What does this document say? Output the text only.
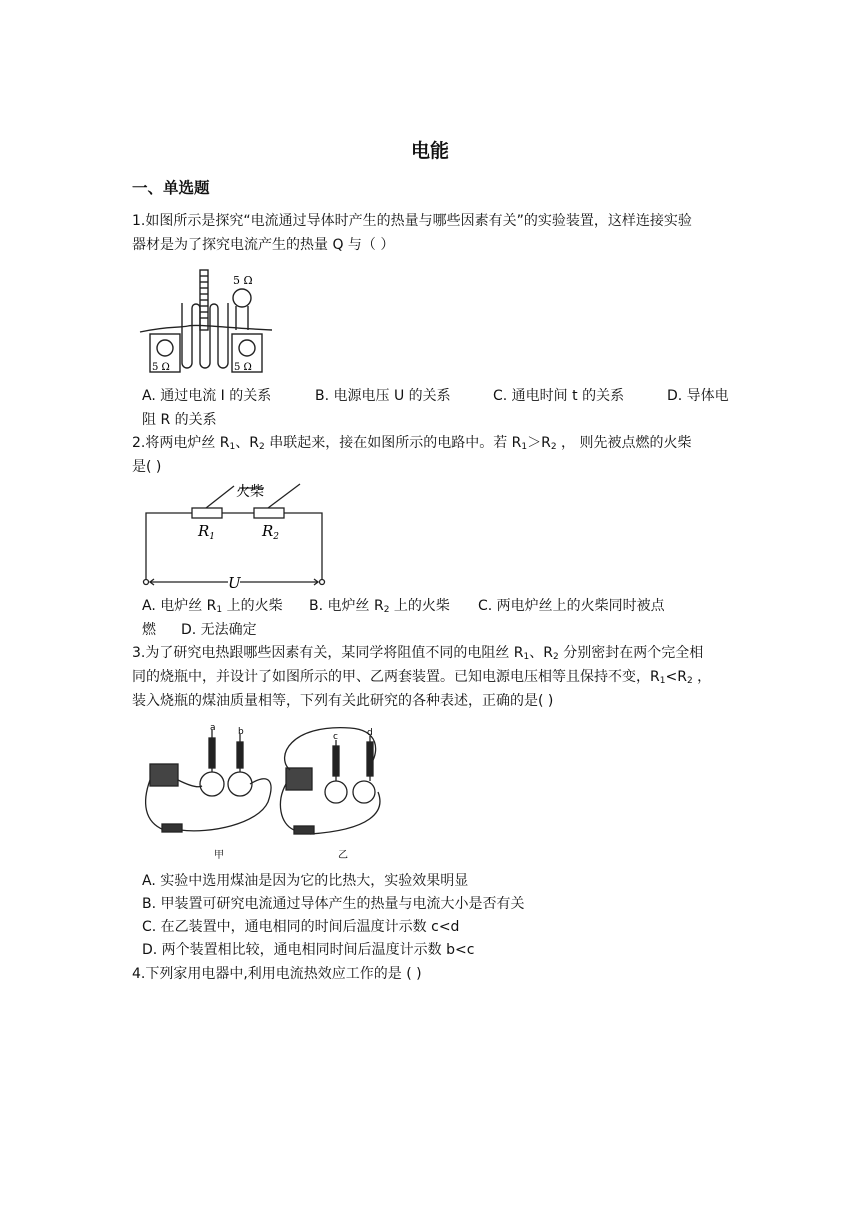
电能
一、单选题
1.如图所示是探究“电流通过导体时产生的热量与哪些因素有关”的实验装置，这样连接实验
器材是为了探究电流产生的热量 Q 与（ ）
5 Ω
5 Ω	5 Ω
A. 通过电流 I 的关系	B. 电源电压 U 的关系	C. 通电时间 t 的关系	D. 导体电
阻 R 的关系
2.将两电炉丝 $R_1$、$R_2$ 串联起来，接在如图所示的电路中。若 $R_1>R_2$ ， 则先被点燃的火柴
是( )
火柴
$R_1$	$R_2$
U
A. 电炉丝 $R_1$ 上的火柴 B. 电炉丝 $R_2$ 上的火柴 C. 两电炉丝上的火柴同时被点
燃 D. 无法确定
3.为了研究电热跟哪些因素有关，某同学将阻值不同的电阻丝 $R_1$、$R_2$ 分别密封在两个完全相
同的烧瓶中，并设计了如图所示的甲、乙两套装置。已知电源电压相等且保持不变，$R_1<R_2$ ，
装入烧瓶的煤油质量相等，下列有关此研究的各种表述，正确的是( )
a b	c	d
甲	乙
A. 实验中选用煤油是因为它的比热大，实验效果明显
B. 甲装置可研究电流通过导体产生的热量与电流大小是否有关
C. 在乙装置中，通电相同的时间后温度计示数 c<d
D. 两个装置相比较，通电相同时间后温度计示数 b<c
4.下列家用电器中,利用电流热效应工作的是 ( )
